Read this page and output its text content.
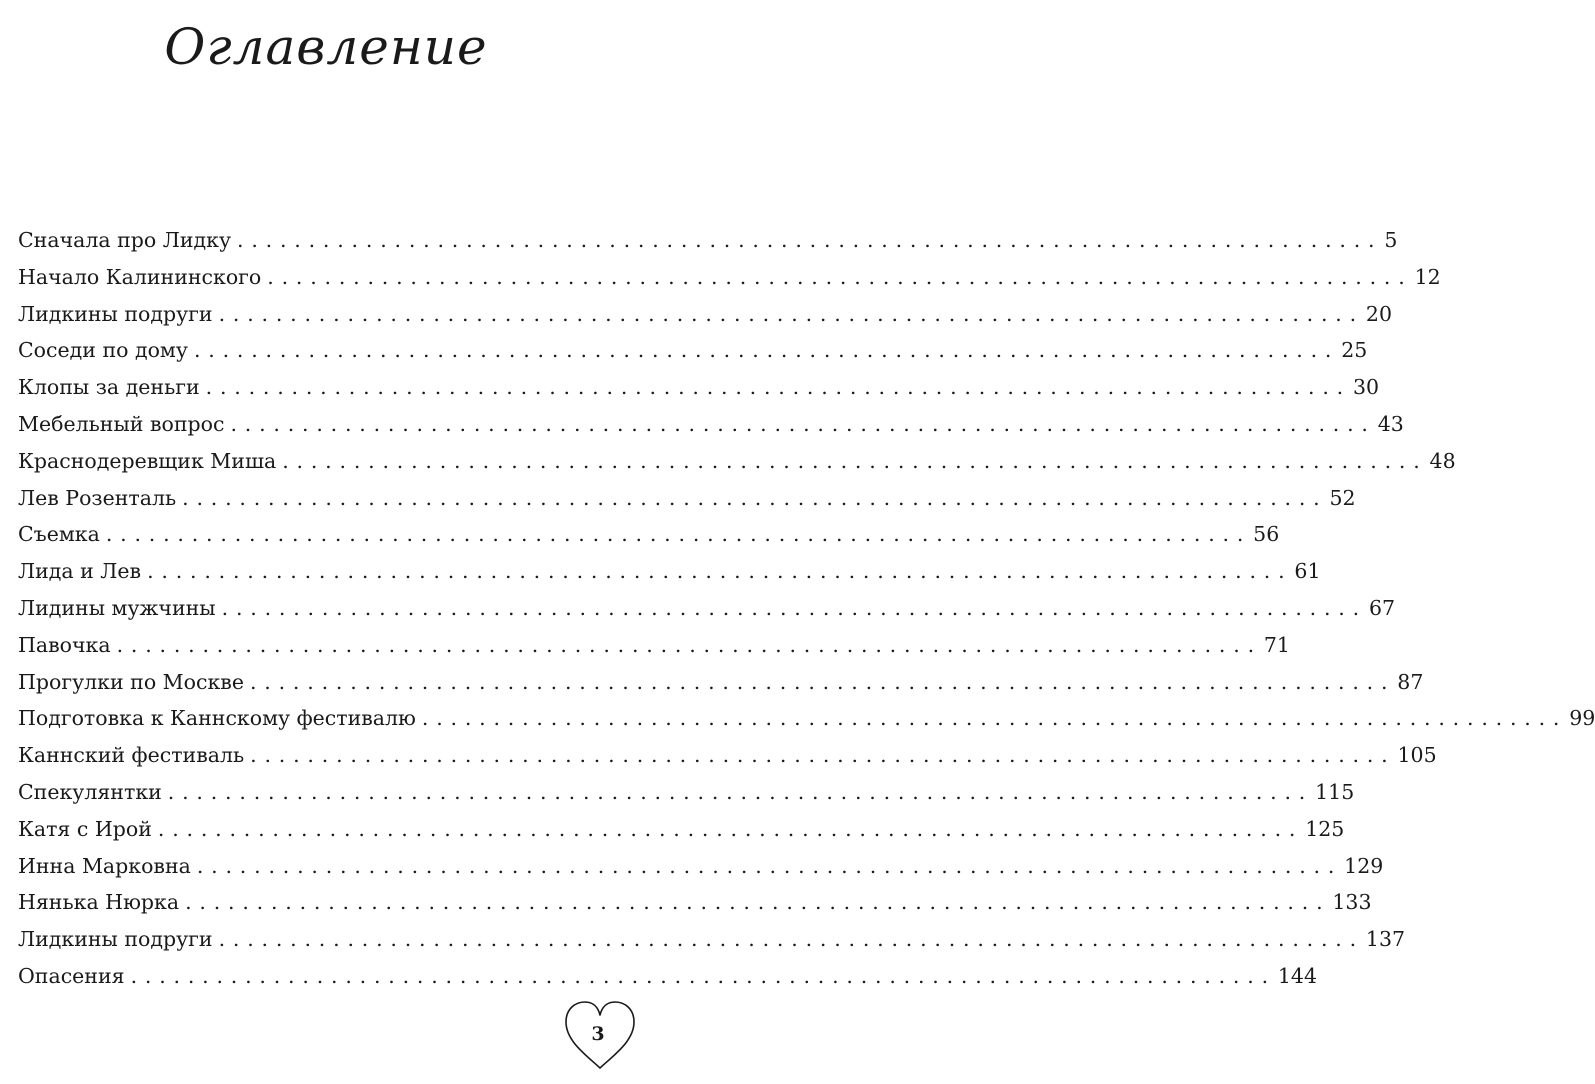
Оглавление
Сначала про Лидку ................................................................................ 5
Начало Калининского ................................................................................ 12
Лидкины подруги ................................................................................ 20
Соседи по дому ................................................................................ 25
Клопы за деньги ................................................................................ 30
Мебельный вопрос ................................................................................ 43
Краснодеревщик Миша ................................................................................ 48
Лев Розенталь ................................................................................ 52
Съемка ................................................................................ 56
Лида и Лев ................................................................................ 61
Лидины мужчины ................................................................................ 67
Павочка ................................................................................ 71
Прогулки по Москве ................................................................................ 87
Подготовка к Каннскому фестивалю ................................................................................ 99
Каннский фестиваль ................................................................................ 105
Спекулянтки ................................................................................ 115
Катя с Ирой ................................................................................ 125
Инна Марковна ................................................................................ 129
Нянька Нюрка ................................................................................ 133
Лидкины подруги ................................................................................ 137
Опасения ................................................................................ 144
3
